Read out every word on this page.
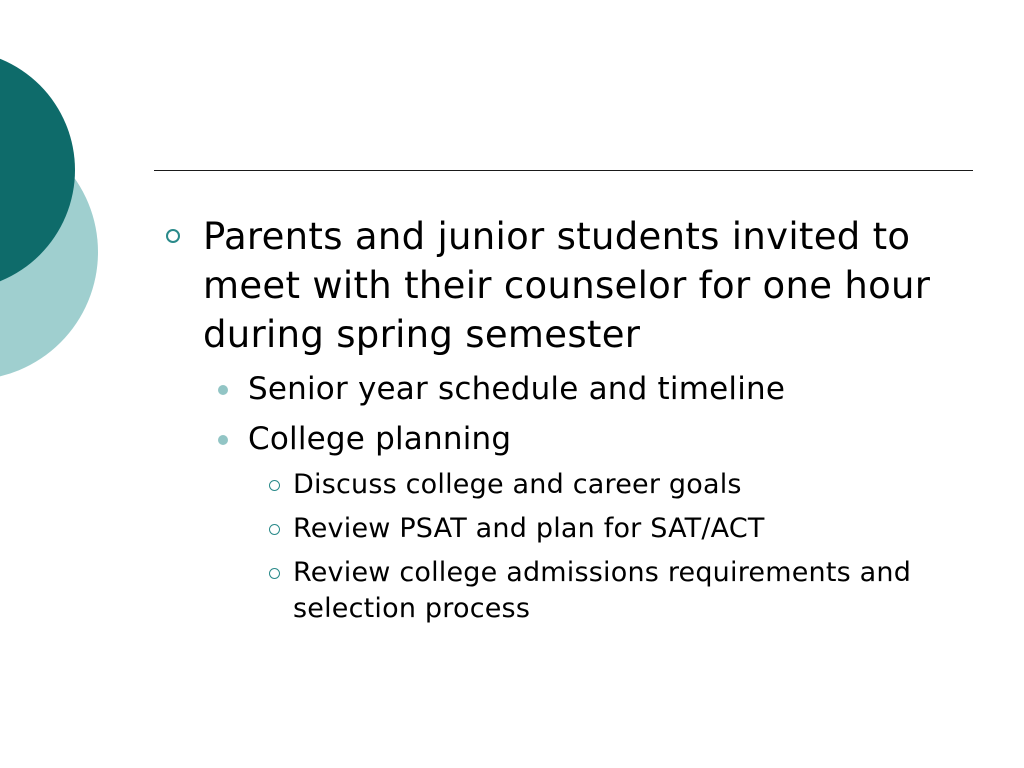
Parents and junior students invited to meet with their counselor for one hour during spring semester
Senior year schedule and timeline
College planning
Discuss college and career goals
Review PSAT and plan for SAT/ACT
Review college admissions requirements and selection process
